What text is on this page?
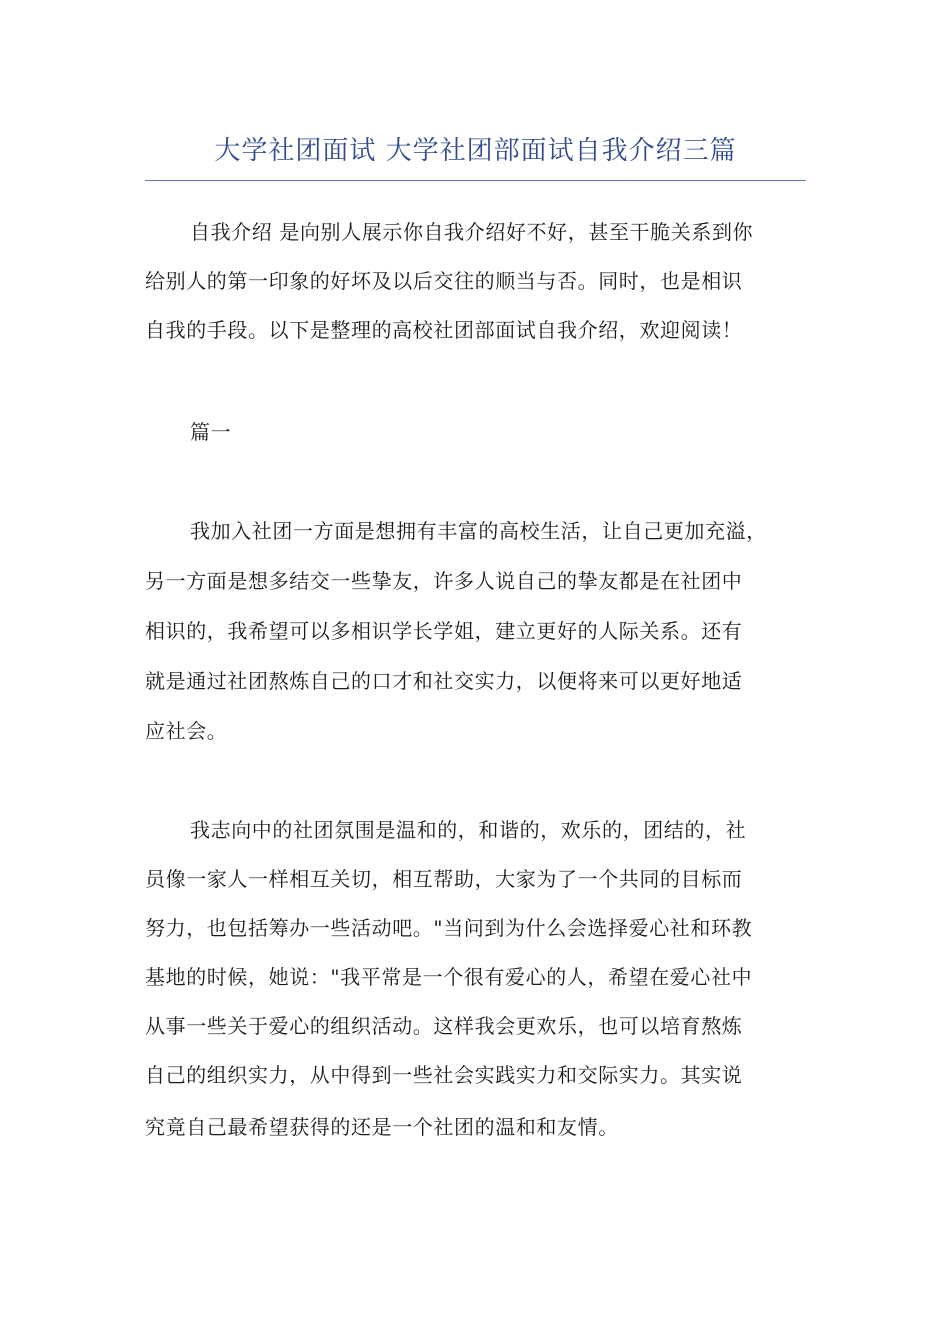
大学社团面试 大学社团部面试自我介绍三篇
自我介绍 是向别人展示你自我介绍好不好，甚至干脆关系到你
给别人的第一印象的好坏及以后交往的顺当与否。同时，也是相识
自我的手段。以下是整理的高校社团部面试自我介绍，欢迎阅读！
篇一
我加入社团一方面是想拥有丰富的高校生活，让自己更加充溢，
另一方面是想多结交一些挚友，许多人说自己的挚友都是在社团中
相识的，我希望可以多相识学长学姐，建立更好的人际关系。还有
就是通过社团熬炼自己的口才和社交实力，以便将来可以更好地适
应社会。
我志向中的社团氛围是温和的，和谐的，欢乐的，团结的，社
员像一家人一样相互关切，相互帮助，大家为了一个共同的目标而
努力，也包括筹办一些活动吧。"当问到为什么会选择爱心社和环教
基地的时候，她说："我平常是一个很有爱心的人，希望在爱心社中
从事一些关于爱心的组织活动。这样我会更欢乐，也可以培育熬炼
自己的组织实力，从中得到一些社会实践实力和交际实力。其实说
究竟自己最希望获得的还是一个社团的温和和友情。
